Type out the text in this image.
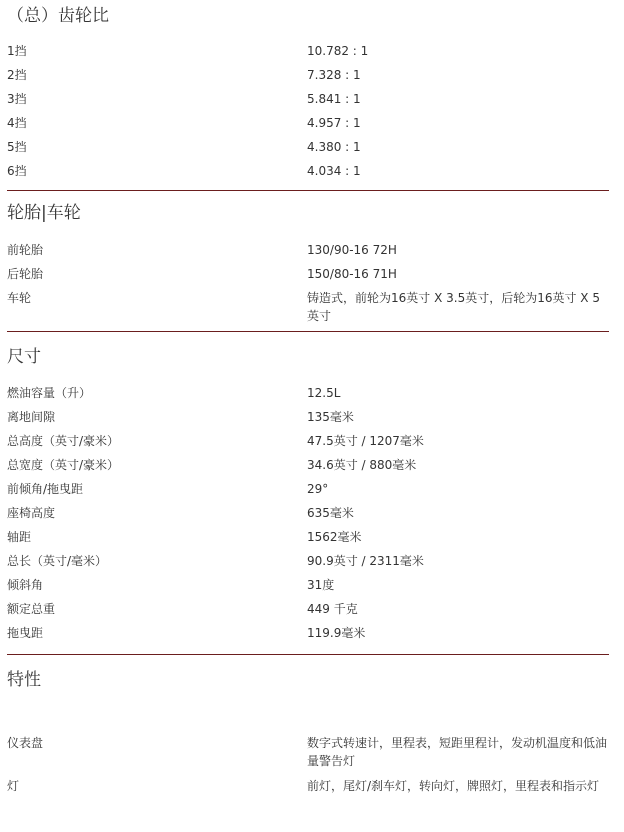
（总）齿轮比
1挡	10.782 : 1
2挡	7.328 : 1
3挡	5.841 : 1
4挡	4.957 : 1
5挡	4.380 : 1
6挡	4.034 : 1
轮胎|车轮
前轮胎	130/90-16 72H
后轮胎	150/80-16 71H
车轮	铸造式，前轮为16英寸 X 3.5英寸，后轮为16英寸 X 5英寸
尺寸
燃油容量（升）	12.5L
离地间隙	135毫米
总高度（英寸/豪米）	47.5英寸 / 1207毫米
总宽度（英寸/豪米）	34.6英寸 / 880毫米
前倾角/拖曳距	29°
座椅高度	635毫米
轴距	1562毫米
总长（英寸/毫米）	90.9英寸 / 2311毫米
倾斜角	31度
额定总重	449 千克
拖曳距	119.9毫米
特性
仪表盘	数字式转速计，里程表，短距里程计，发动机温度和低油量警告灯
灯	前灯，尾灯/刹车灯，转向灯，牌照灯，里程表和指示灯
